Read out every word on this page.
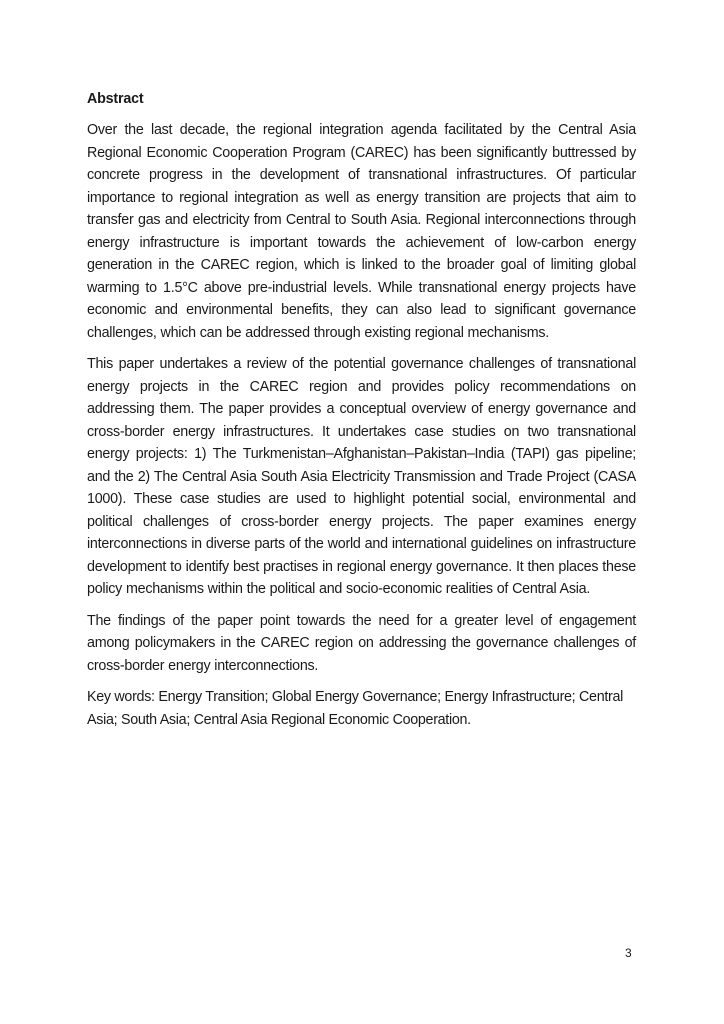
Abstract

Over the last decade, the regional integration agenda facilitated by the Central Asia Regional Economic Cooperation Program (CAREC) has been significantly buttressed by concrete progress in the development of transnational infrastructures. Of particular importance to regional integration as well as energy transition are projects that aim to transfer gas and electricity from Central to South Asia. Regional interconnections through energy infrastructure is important towards the achievement of low-carbon energy generation in the CAREC region, which is linked to the broader goal of limiting global warming to 1.5°C above pre-industrial levels. While transnational energy projects have economic and environmental benefits, they can also lead to significant governance challenges, which can be addressed through existing regional mechanisms.

This paper undertakes a review of the potential governance challenges of transnational energy projects in the CAREC region and provides policy recommendations on addressing them. The paper provides a conceptual overview of energy governance and cross-border energy infrastructures. It undertakes case studies on two transnational energy projects: 1) The Turkmenistan–Afghanistan–Pakistan–India (TAPI) gas pipeline; and the 2) The Central Asia South Asia Electricity Transmission and Trade Project (CASA 1000). These case studies are used to highlight potential social, environmental and political challenges of cross-border energy projects. The paper examines energy interconnections in diverse parts of the world and international guidelines on infrastructure development to identify best practises in regional energy governance. It then places these policy mechanisms within the political and socio-economic realities of Central Asia.

The findings of the paper point towards the need for a greater level of engagement among policymakers in the CAREC region on addressing the governance challenges of cross-border energy interconnections.

Key words: Energy Transition; Global Energy Governance; Energy Infrastructure; Central Asia; South Asia; Central Asia Regional Economic Cooperation.

3
